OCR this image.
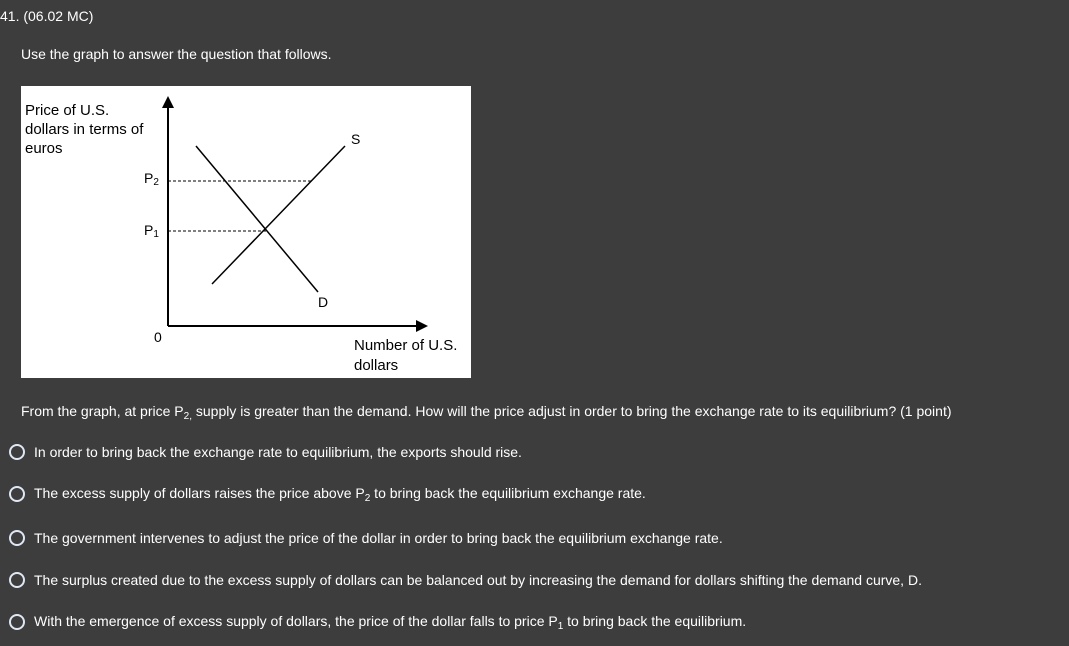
41. (06.02 MC)
Use the graph to answer the question that follows.
Price of U.S.
dollars in terms of
euros
P2
P1
0
S
D
Number of U.S.
dollars
From the graph, at price $P_{2,}$ supply is greater than the demand. How will the price adjust in order to bring the exchange rate to its equilibrium? (1 point)
In order to bring back the exchange rate to equilibrium, the exports should rise.
The excess supply of dollars raises the price above $P_2$ to bring back the equilibrium exchange rate.
The government intervenes to adjust the price of the dollar in order to bring back the equilibrium exchange rate.
The surplus created due to the excess supply of dollars can be balanced out by increasing the demand for dollars shifting the demand curve, D.
With the emergence of excess supply of dollars, the price of the dollar falls to price $P_1$ to bring back the equilibrium.
